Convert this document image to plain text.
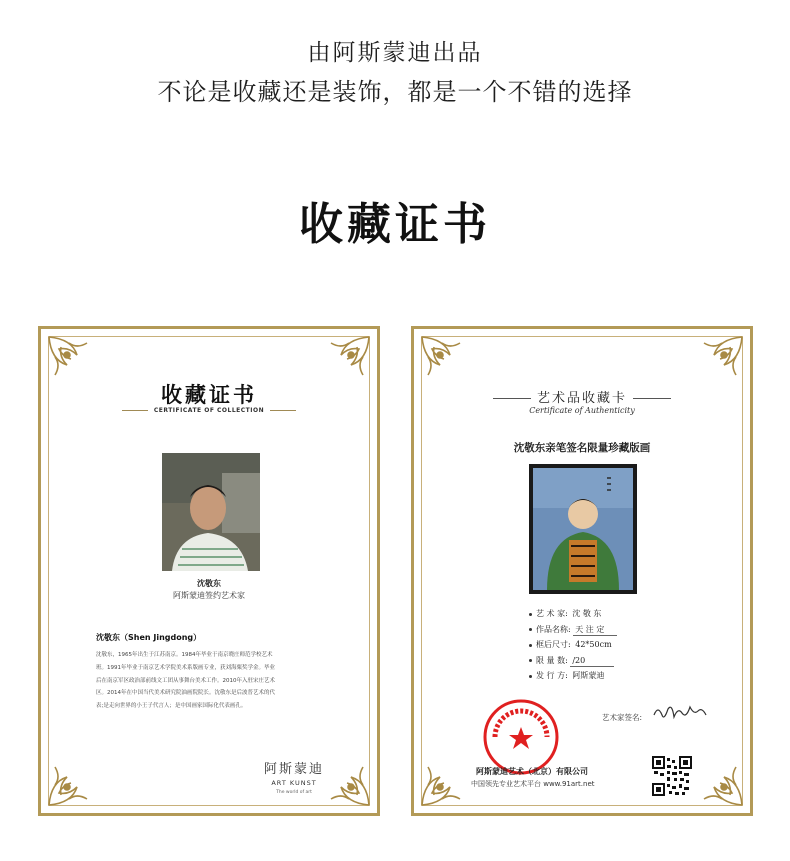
由阿斯蒙迪出品
不论是收藏还是装饰，都是一个不错的选择
收藏证书
收藏证书
CERTIFICATE OF COLLECTION
沈敬东
阿斯蒙迪签约艺术家
沈敬东（Shen Jingdong）
沈敬东，1965年出生于江苏南京。1984年毕业于南京晓庄师范学校艺术
班。1991年毕业于南京艺术学院美术系版画专业，获刘海粟奖学金。毕业
后在南京军区政治部前线文工团从事舞台美术工作。2010年入驻宋庄艺术
区。2014年在中国当代美术研究院油画院院长。沈敬东是后波普艺术的代
表;是走向世界的小王子代言人；是中国画家国际化代表画孔。
阿斯蒙迪
ART KUNST
The world of art
艺术品收藏卡
Certificate of Authenticity
沈敬东亲笔签名限量珍藏版画
艺 术 家: 沈 敬 东
作品名称: 天 注 定
框后尺寸: 42*50cm
限 量 数: /20
发 行 方: 阿斯蒙迪
艺术家签名:
阿斯蒙迪艺术（北京）有限公司
中国领先专业艺术平台 www.91art.net
